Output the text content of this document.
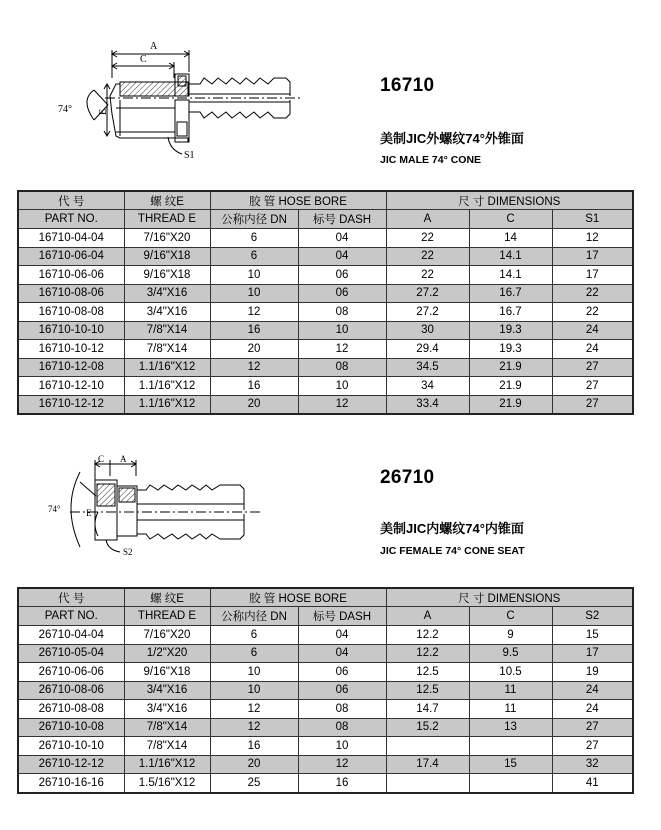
A
C
E
74°
S1
16710
美制JIC外螺纹74°外锥面
JIC MALE 74° CONE
代 号	螺 纹E	胶 管 HOSE BORE		尺 寸 DIMENSIONS		
PART NO.	THREAD E	公称内径 DN	标号 DASH	A	C	S1
16710-04-04	7/16"X20	6	04	22	14	12
16710-06-04	9/16"X18	6	04	22	14.1	17
16710-06-06	9/16"X18	10	06	22	14.1	17
16710-08-06	3/4"X16	10	06	27.2	16.7	22
16710-08-08	3/4"X16	12	08	27.2	16.7	22
16710-10-10	7/8"X14	16	10	30	19.3	24
16710-10-12	7/8"X14	20	12	29.4	19.3	24
16710-12-08	1.1/16"X12	12	08	34.5	21.9	27
16710-12-10	1.1/16"X12	16	10	34	21.9	27
16710-12-12	1.1/16"X12	20	12	33.4	21.9	27
C A
E
74°
S2
26710
美制JIC内螺纹74°内锥面
JIC FEMALE 74° CONE SEAT
代 号	螺 纹E	胶 管 HOSE BORE		尺 寸 DIMENSIONS		
PART NO.	THREAD E	公称内径 DN	标号 DASH	A	C	S2
26710-04-04	7/16"X20	6	04	12.2	9	15
26710-05-04	1/2"X20	6	04	12.2	9.5	17
26710-06-06	9/16"X18	10	06	12.5	10.5	19
26710-08-06	3/4"X16	10	06	12.5	11	24
26710-08-08	3/4"X16	12	08	14.7	11	24
26710-10-08	7/8"X14	12	08	15.2	13	27
26710-10-10	7/8"X14	16	10			27
26710-12-12	1.1/16"X12	20	12	17.4	15	32
26710-16-16	1.5/16"X12	25	16			41
